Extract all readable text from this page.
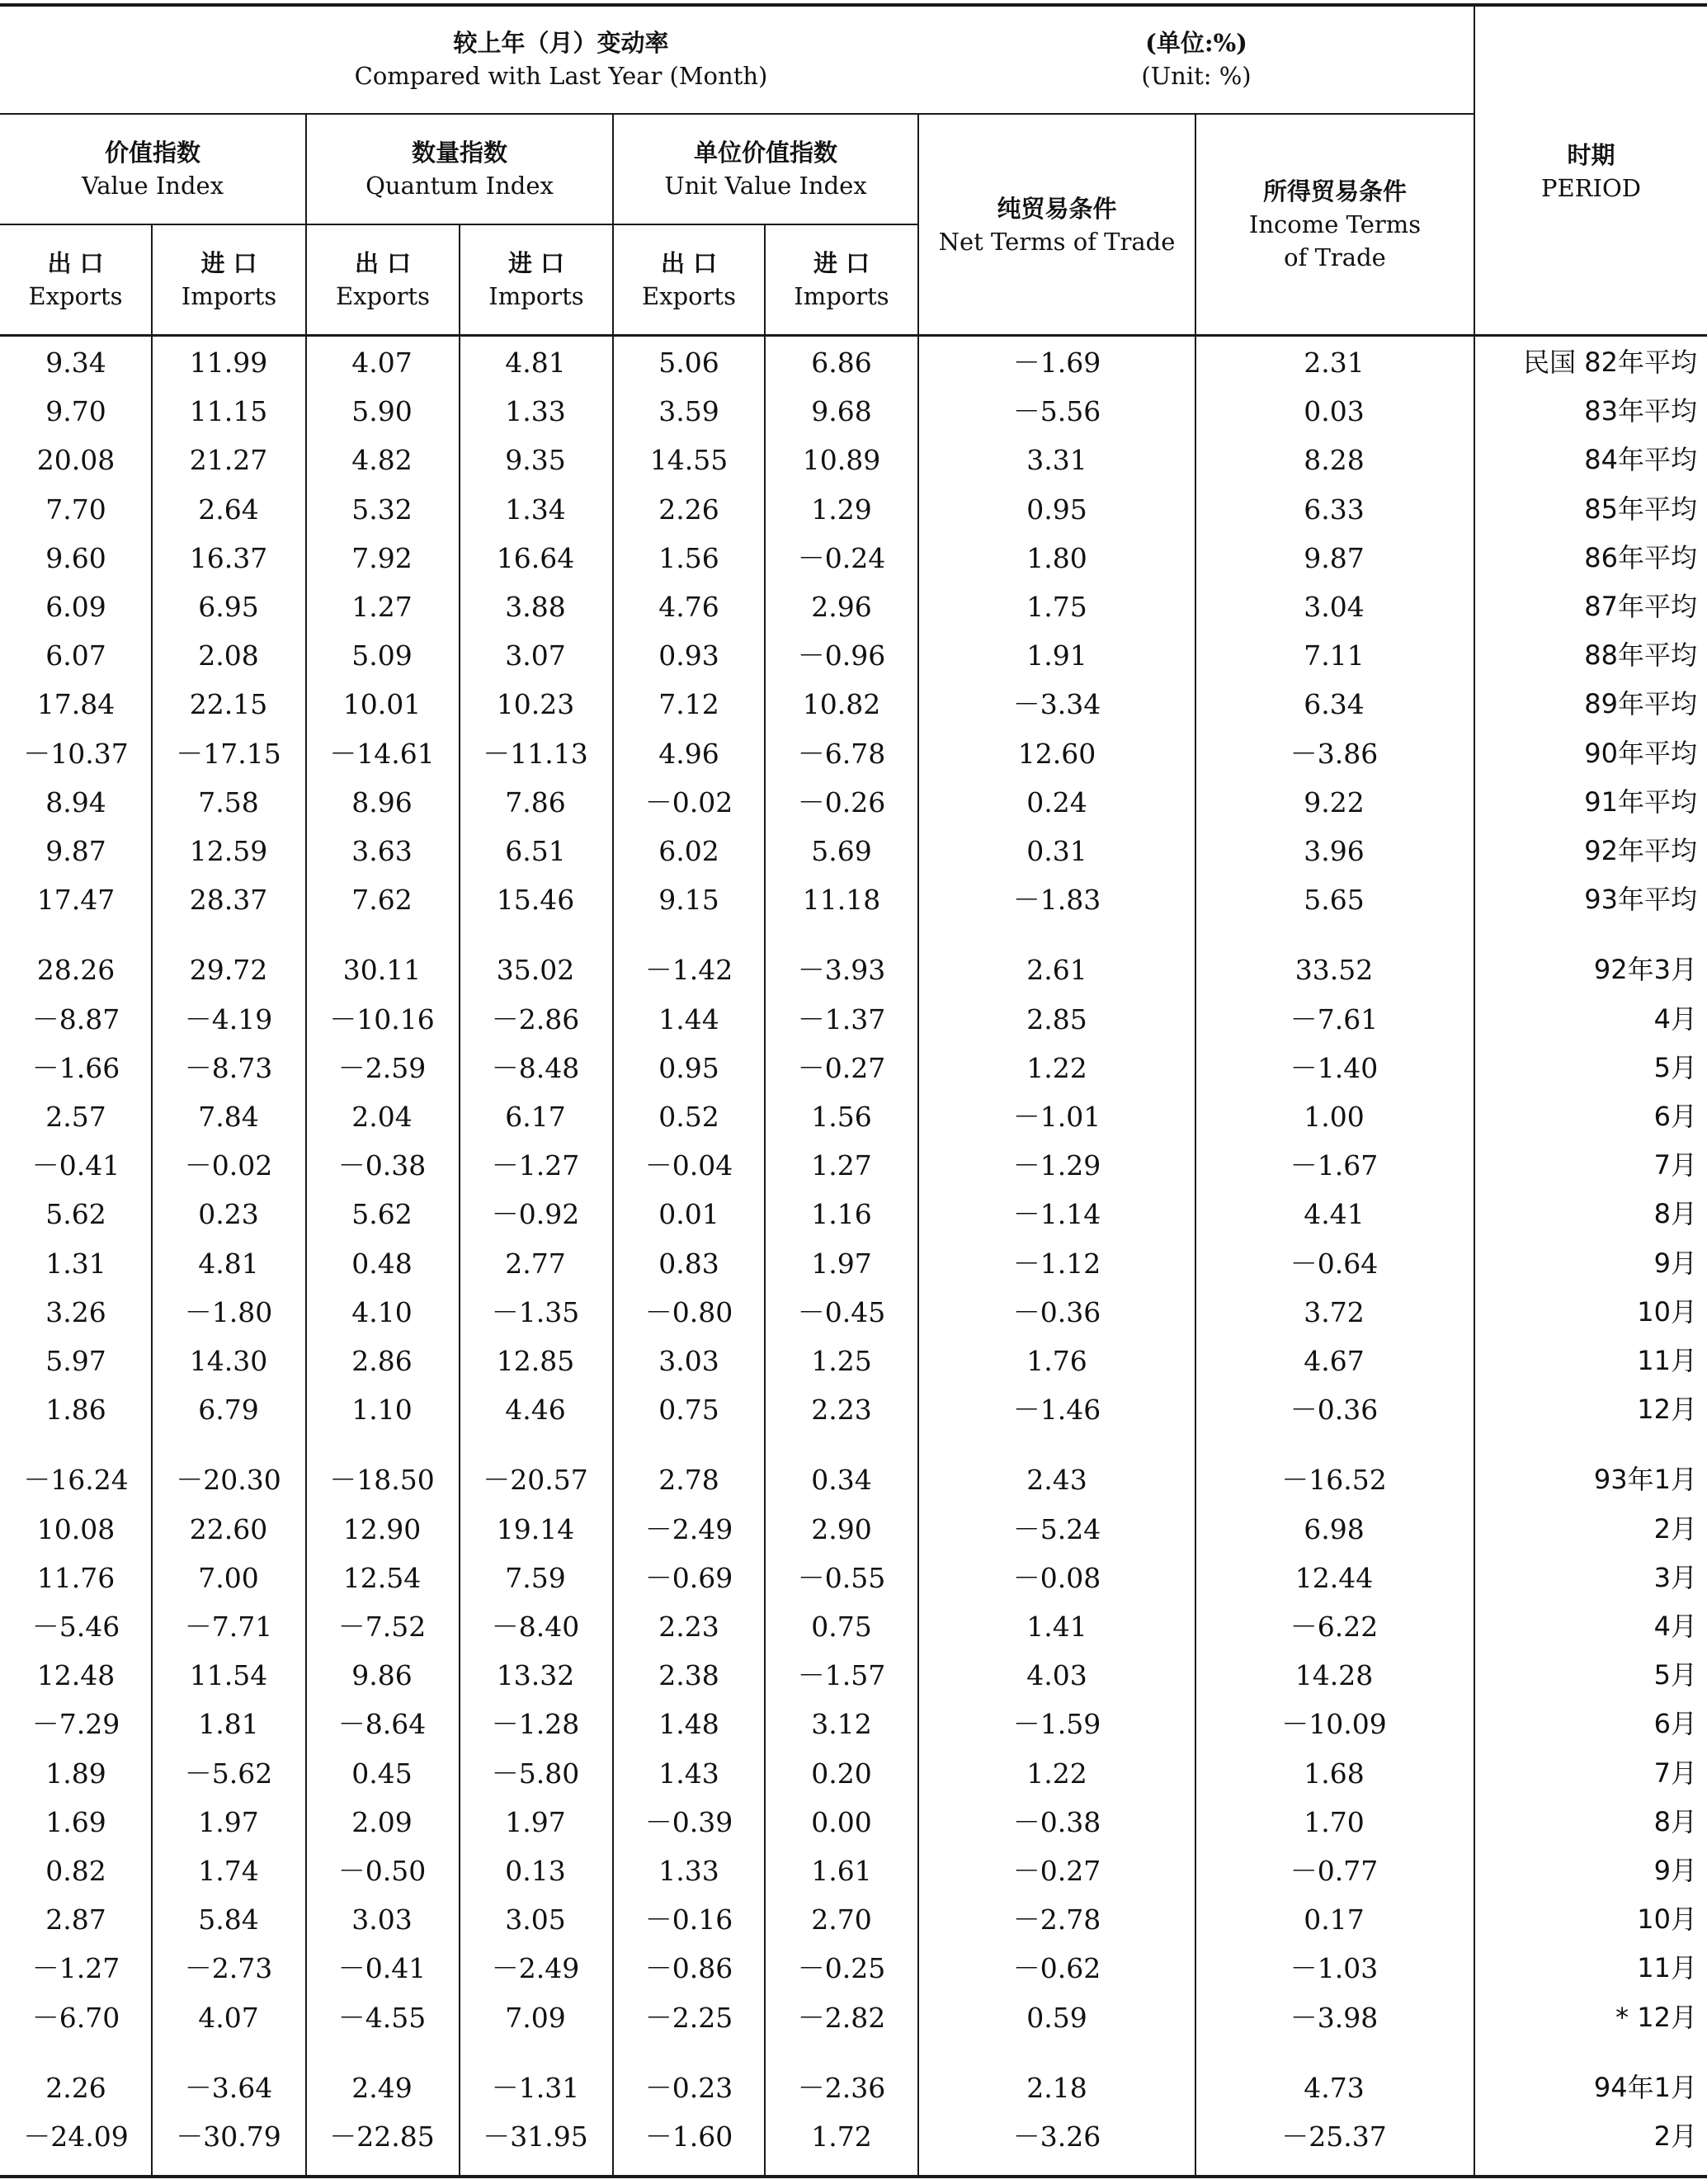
较上年（月）变动率
Compared with Last Year (Month)
(单位:%)
(Unit: %)
价值指数
Value Index
数量指数
Quantum Index
单位价值指数
Unit Value Index
纯贸易条件
Net Terms of Trade
所得贸易条件
Income Terms
of Trade
时期
PERIOD
出 口
Exports
进 口
Imports
出 口
Exports
进 口
Imports
出 口
Exports
进 口
Imports
9.34	11.99	4.07	4.81	5.06	6.86	－1.69	2.31	民国 82年平均
9.70	11.15	5.90	1.33	3.59	9.68	－5.56	0.03	83年平均
20.08	21.27	4.82	9.35	14.55	10.89	3.31	8.28	84年平均
7.70	2.64	5.32	1.34	2.26	1.29	0.95	6.33	85年平均
9.60	16.37	7.92	16.64	1.56	－0.24	1.80	9.87	86年平均
6.09	6.95	1.27	3.88	4.76	2.96	1.75	3.04	87年平均
6.07	2.08	5.09	3.07	0.93	－0.96	1.91	7.11	88年平均
17.84	22.15	10.01	10.23	7.12	10.82	－3.34	6.34	89年平均
－10.37	－17.15	－14.61	－11.13	4.96	－6.78	12.60	－3.86	90年平均
8.94	7.58	8.96	7.86	－0.02	－0.26	0.24	9.22	91年平均
9.87	12.59	3.63	6.51	6.02	5.69	0.31	3.96	92年平均
17.47	28.37	7.62	15.46	9.15	11.18	－1.83	5.65	93年平均
28.26	29.72	30.11	35.02	－1.42	－3.93	2.61	33.52	92年3月
－8.87	－4.19	－10.16	－2.86	1.44	－1.37	2.85	－7.61	4月
－1.66	－8.73	－2.59	－8.48	0.95	－0.27	1.22	－1.40	5月
2.57	7.84	2.04	6.17	0.52	1.56	－1.01	1.00	6月
－0.41	－0.02	－0.38	－1.27	－0.04	1.27	－1.29	－1.67	7月
5.62	0.23	5.62	－0.92	0.01	1.16	－1.14	4.41	8月
1.31	4.81	0.48	2.77	0.83	1.97	－1.12	－0.64	9月
3.26	－1.80	4.10	－1.35	－0.80	－0.45	－0.36	3.72	10月
5.97	14.30	2.86	12.85	3.03	1.25	1.76	4.67	11月
1.86	6.79	1.10	4.46	0.75	2.23	－1.46	－0.36	12月
－16.24	－20.30	－18.50	－20.57	2.78	0.34	2.43	－16.52	93年1月
10.08	22.60	12.90	19.14	－2.49	2.90	－5.24	6.98	2月
11.76	7.00	12.54	7.59	－0.69	－0.55	－0.08	12.44	3月
－5.46	－7.71	－7.52	－8.40	2.23	0.75	1.41	－6.22	4月
12.48	11.54	9.86	13.32	2.38	－1.57	4.03	14.28	5月
－7.29	1.81	－8.64	－1.28	1.48	3.12	－1.59	－10.09	6月
1.89	－5.62	0.45	－5.80	1.43	0.20	1.22	1.68	7月
1.69	1.97	2.09	1.97	－0.39	0.00	－0.38	1.70	8月
0.82	1.74	－0.50	0.13	1.33	1.61	－0.27	－0.77	9月
2.87	5.84	3.03	3.05	－0.16	2.70	－2.78	0.17	10月
－1.27	－2.73	－0.41	－2.49	－0.86	－0.25	－0.62	－1.03	11月
－6.70	4.07	－4.55	7.09	－2.25	－2.82	0.59	－3.98	* 12月
2.26	－3.64	2.49	－1.31	－0.23	－2.36	2.18	4.73	94年1月
－24.09	－30.79	－22.85	－31.95	－1.60	1.72	－3.26	－25.37	2月
